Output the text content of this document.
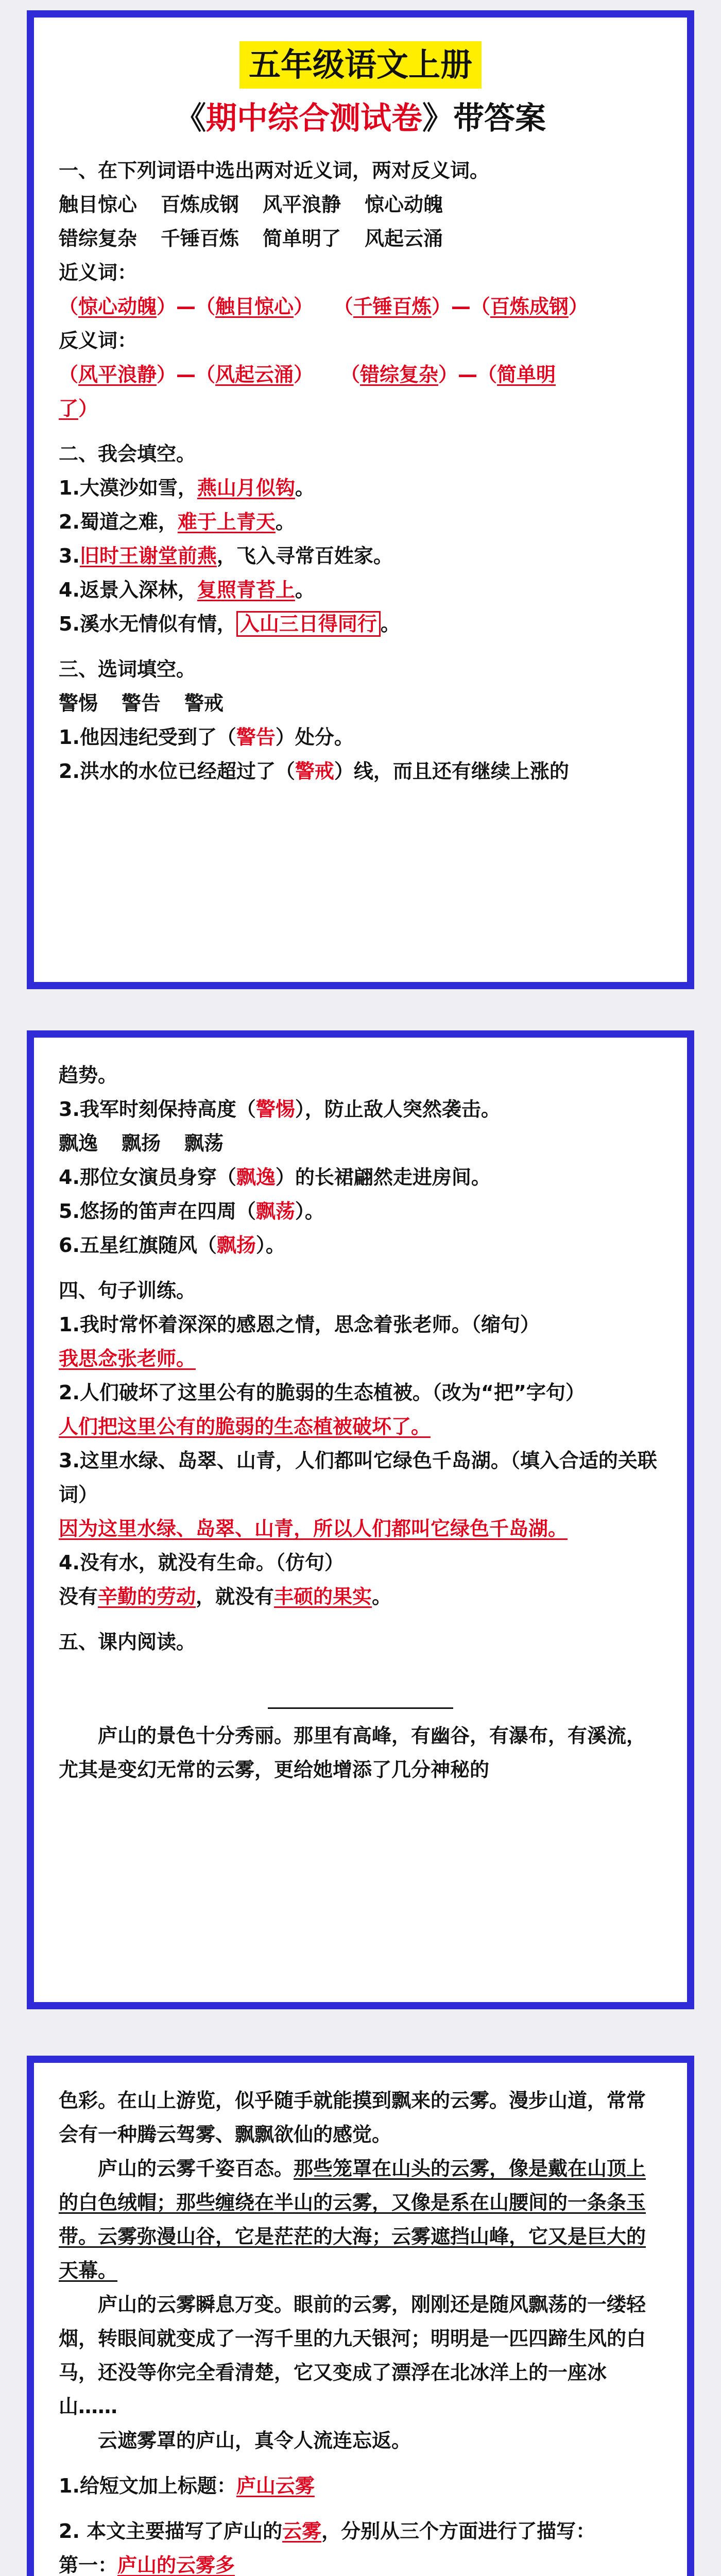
五年级语文上册
《期中综合测试卷》带答案
一、在下列词语中选出两对近义词，两对反义词。
触目惊心 百炼成钢 风平浪静 惊心动魄
错综复杂 千锤百炼 简单明了 风起云涌
近义词：
（惊心动魄）—（触目惊心） （千锤百炼）—（百炼成钢）
反义词：
（风平浪静）—（风起云涌） （错综复杂）—（简单明
了）
二、我会填空。
1.大漠沙如雪，燕山月似钩。
2.蜀道之难，难于上青天。
3.旧时王谢堂前燕，飞入寻常百姓家。
4.返景入深林，复照青苔上。
5.溪水无情似有情， 入山三日得同行 。
三、选词填空。
警惕 警告 警戒
1.他因违纪受到了（警告）处分。
2.洪水的水位已经超过了（警戒）线，而且还有继续上涨的
趋势。
3.我军时刻保持高度（警惕），防止敌人突然袭击。
飘逸 飘扬 飘荡
4.那位女演员身穿（飘逸）的长裙翩然走进房间。
5.悠扬的笛声在四周（飘荡）。
6.五星红旗随风（飘扬）。
四、句子训练。
1.我时常怀着深深的感恩之情，思念着张老师。（缩句）
我思念张老师。
2.人们破坏了这里公有的脆弱的生态植被。（改为“把”字句）
人们把这里公有的脆弱的生态植被破坏了。
3.这里水绿、岛翠、山青，人们都叫它绿色千岛湖。（填入合适的关联词）
因为这里水绿、岛翠、山青，所以人们都叫它绿色千岛湖。
4.没有水，就没有生命。（仿句）
没有辛勤的劳动，就没有丰硕的果实。
五、课内阅读。
庐山的景色十分秀丽。那里有高峰，有幽谷，有瀑布，有溪流，尤其是变幻无常的云雾，更给她增添了几分神秘的
色彩。在山上游览，似乎随手就能摸到飘来的云雾。漫步山道，常常会有一种腾云驾雾、飘飘欲仙的感觉。
庐山的云雾千姿百态。那些笼罩在山头的云雾，像是戴在山顶上的白色绒帽；那些缠绕在半山的云雾，又像是系在山腰间的一条条玉带。云雾弥漫山谷，它是茫茫的大海；云雾遮挡山峰，它又是巨大的天幕。
庐山的云雾瞬息万变。眼前的云雾，刚刚还是随风飘荡的一缕轻烟，转眼间就变成了一泻千里的九天银河；明明是一匹四蹄生风的白马，还没等你完全看清楚，它又变成了漂浮在北冰洋上的一座冰山……
云遮雾罩的庐山，真令人流连忘返。
1.给短文加上标题：庐山云雾
2. 本文主要描写了庐山的云雾，分别从三个方面进行了描写：
第一：庐山的云雾多
